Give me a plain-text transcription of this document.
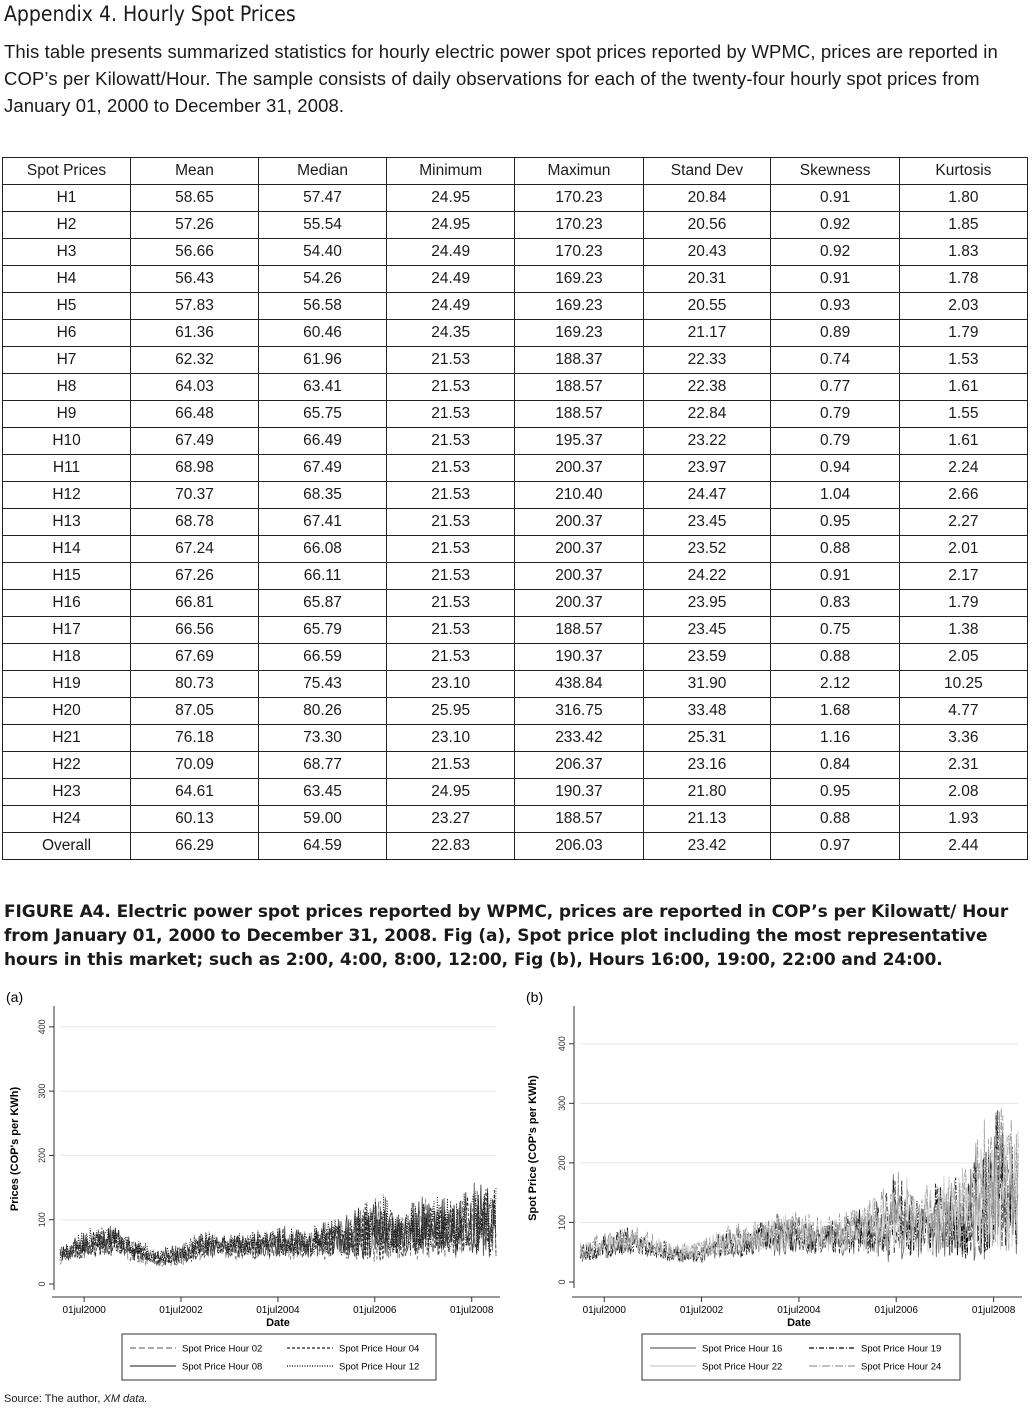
Appendix 4. Hourly Spot Prices
This table presents summarized statistics for hourly electric power spot prices reported by WPMC, prices are reported in COP’s per Kilowatt/Hour. The sample consists of daily observations for each of the twenty-four hourly spot prices from January 01, 2000 to December 31, 2008.
Spot Prices	Mean	Median	Minimum	Maximun	Stand Dev	Skewness	Kurtosis
H1	58.65	57.47	24.95	170.23	20.84	0.91	1.80
H2	57.26	55.54	24.95	170.23	20.56	0.92	1.85
H3	56.66	54.40	24.49	170.23	20.43	0.92	1.83
H4	56.43	54.26	24.49	169.23	20.31	0.91	1.78
H5	57.83	56.58	24.49	169.23	20.55	0.93	2.03
H6	61.36	60.46	24.35	169.23	21.17	0.89	1.79
H7	62.32	61.96	21.53	188.37	22.33	0.74	1.53
H8	64.03	63.41	21.53	188.57	22.38	0.77	1.61
H9	66.48	65.75	21.53	188.57	22.84	0.79	1.55
H10	67.49	66.49	21.53	195.37	23.22	0.79	1.61
H11	68.98	67.49	21.53	200.37	23.97	0.94	2.24
H12	70.37	68.35	21.53	210.40	24.47	1.04	2.66
H13	68.78	67.41	21.53	200.37	23.45	0.95	2.27
H14	67.24	66.08	21.53	200.37	23.52	0.88	2.01
H15	67.26	66.11	21.53	200.37	24.22	0.91	2.17
H16	66.81	65.87	21.53	200.37	23.95	0.83	1.79
H17	66.56	65.79	21.53	188.57	23.45	0.75	1.38
H18	67.69	66.59	21.53	190.37	23.59	0.88	2.05
H19	80.73	75.43	23.10	438.84	31.90	2.12	10.25
H20	87.05	80.26	25.95	316.75	33.48	1.68	4.77
H21	76.18	73.30	23.10	233.42	25.31	1.16	3.36
H22	70.09	68.77	21.53	206.37	23.16	0.84	2.31
H23	64.61	63.45	24.95	190.37	21.80	0.95	2.08
H24	60.13	59.00	23.27	188.57	21.13	0.88	1.93
Overall	66.29	64.59	22.83	206.03	23.42	0.97	2.44
FIGURE A4. Electric power spot prices reported by WPMC, prices are reported in COP’s per Kilowatt/ Hour from January 01, 2000 to December 31, 2008. Fig (a), Spot price plot including the most representative hours in this market; such as 2:00, 4:00, 8:00, 12:00, Fig (b), Hours 16:00, 19:00, 22:00 and 24:00.
(a)
0
100
200
300
400
Prices (COP's per KWh)
01jul2000	01jul2002	01jul2004	01jul2006	01jul2008
Date
Spot Price Hour 02	Spot Price Hour 04
Spot Price Hour 08	Spot Price Hour 12
(b)
0
100
200
300
400
Spot Price (COP's per KWh)
01jul2000	01jul2002	01jul2004	01jul2006	01jul2008
Date
Spot Price Hour 16	Spot Price Hour 19
Spot Price Hour 22	Spot Price Hour 24
Source: The author, XM data.
